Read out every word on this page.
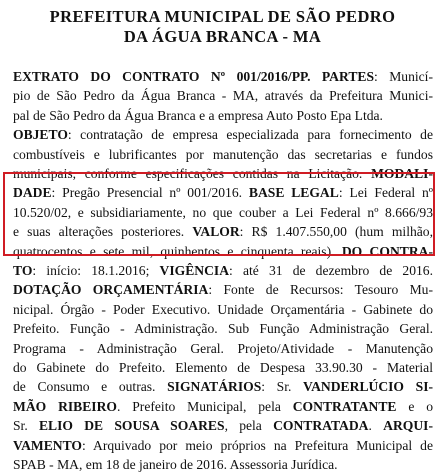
PREFEITURA MUNICIPAL DE SÃO PEDRO
DA ÁGUA BRANCA - MA
EXTRATO DO CONTRATO Nº 001/2016/PP. PARTES: Municí-
pio de São Pedro da Água Branca - MA, através da Prefeitura Munici-
pal de São Pedro da Água Branca e a empresa Auto Posto Epa Ltda.
OBJETO: contratação de empresa especializada para fornecimento de
combustíveis e lubrificantes por manutenção das secretarias e fundos
municipais, conforme especificações contidas na Licitação. MODALI-
DADE: Pregão Presencial nº 001/2016. BASE LEGAL: Lei Federal nº
10.520/02, e subsidiariamente, no que couber a Lei Federal nº 8.666/93
e suas alterações posteriores. VALOR: R$ 1.407.550,00 (hum milhão,
quatrocentos e sete mil, quinhentos e cinquenta reais). DO CONTRA-
TO: início: 18.1.2016; VIGÊNCIA: até 31 de dezembro de 2016.
DOTAÇÃO ORÇAMENTÁRIA: Fonte de Recursos: Tesouro Mu-
nicipal. Órgão - Poder Executivo. Unidade Orçamentária - Gabinete do
Prefeito. Função - Administração. Sub Função Administração Geral.
Programa - Administração Geral. Projeto/Atividade - Manutenção
do Gabinete do Prefeito. Elemento de Despesa 33.90.30 - Material
de Consumo e outras. SIGNATÁRIOS: Sr. VANDERLÚCIO SI-
MÃO RIBEIRO. Prefeito Municipal, pela CONTRATANTE e o
Sr. ELIO DE SOUSA SOARES, pela CONTRATADA. ARQUI-
VAMENTO: Arquivado por meio próprios na Prefeitura Municipal de
SPAB - MA, em 18 de janeiro de 2016. Assessoria Jurídica.
